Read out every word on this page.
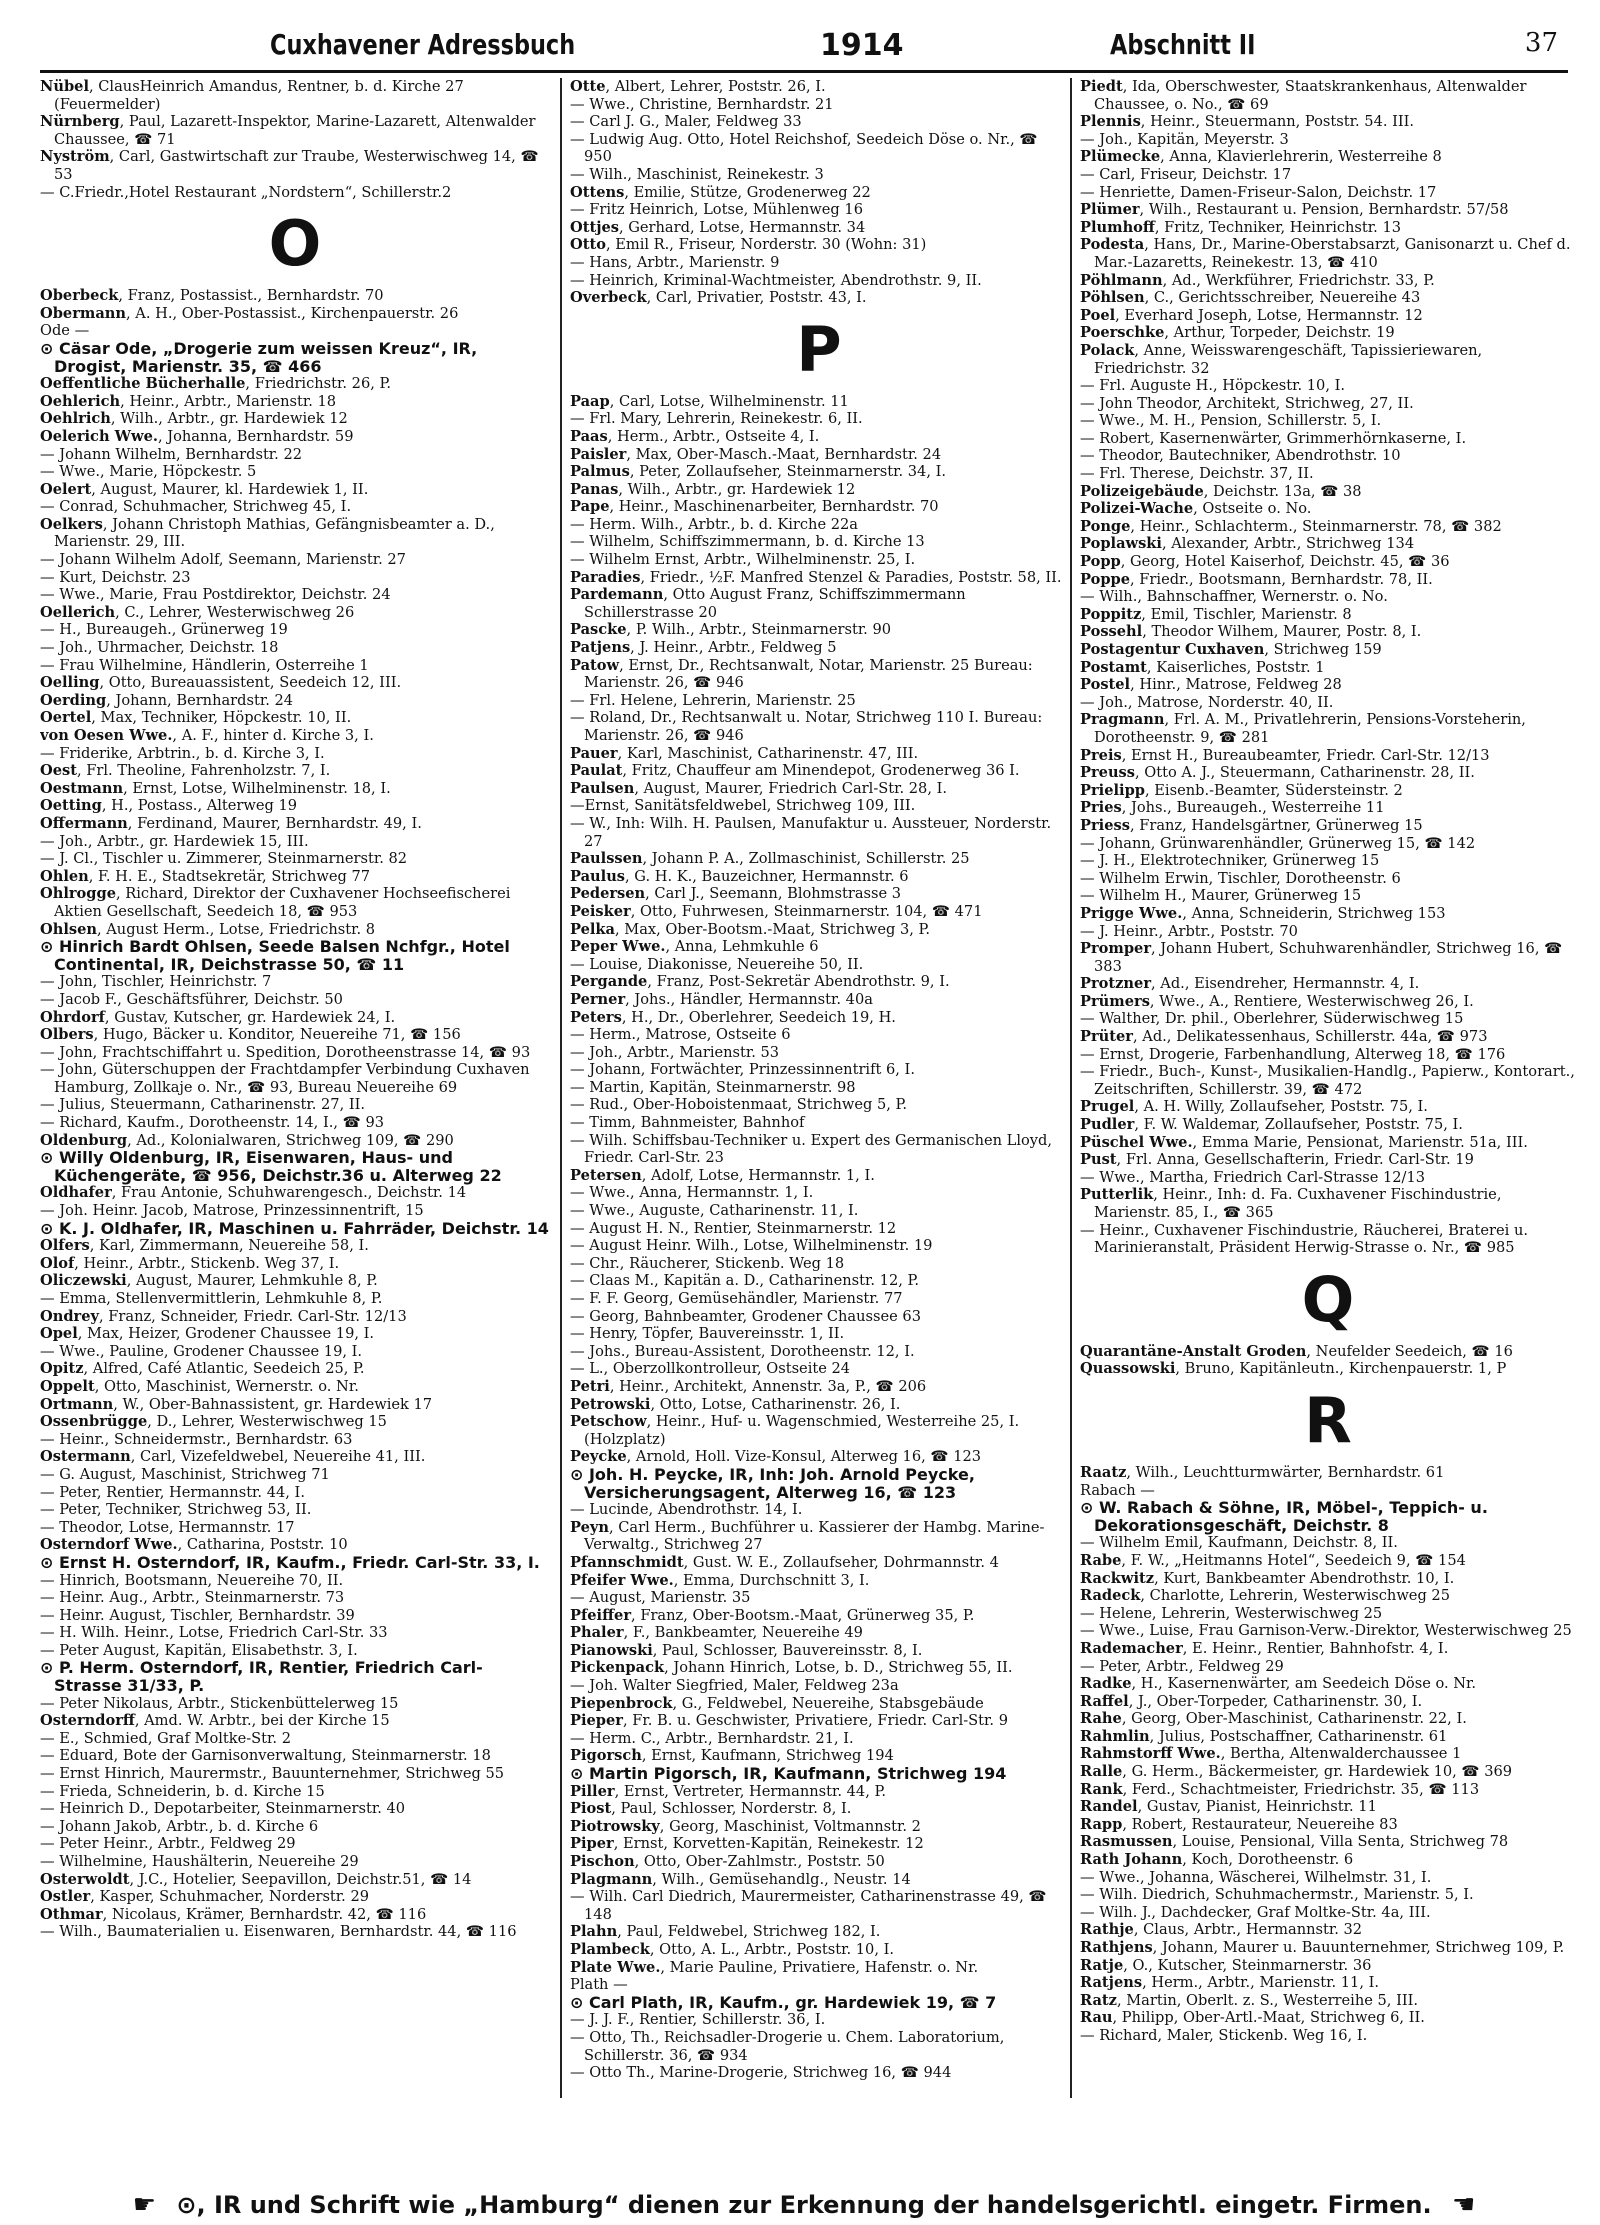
Cuxhavener Adressbuch	1914	Abschnitt II	37
Nübel, ClausHeinrich Amandus, Rentner, b. d. Kirche 27 (Feuermelder)
Nürnberg, Paul, Lazarett-Inspektor, Marine-Lazarett, Altenwalder Chaussee, ☎ 71
Nyström, Carl, Gastwirtschaft zur Traube, Westerwischweg 14, ☎ 53
— C.Friedr.,Hotel Restaurant „Nordstern“, Schillerstr.2
O
Oberbeck, Franz, Postassist., Bernhardstr. 70
Obermann, A. H., Ober-Postassist., Kirchenpauerstr. 26
Ode —
⊙ Cäsar Ode, „Drogerie zum weissen Kreuz“, IR, Drogist, Marienstr. 35, ☎ 466
Oeffentliche Bücherhalle, Friedrichstr. 26, P.
Oehlerich, Heinr., Arbtr., Marienstr. 18
Oehlrich, Wilh., Arbtr., gr. Hardewiek 12
Oelerich Wwe., Johanna, Bernhardstr. 59
— Johann Wilhelm, Bernhardstr. 22
— Wwe., Marie, Höpckestr. 5
Oelert, August, Maurer, kl. Hardewiek 1, II.
— Conrad, Schuhmacher, Strichweg 45, I.
Oelkers, Johann Christoph Mathias, Gefängnisbeamter a. D., Marienstr. 29, III.
— Johann Wilhelm Adolf, Seemann, Marienstr. 27
— Kurt, Deichstr. 23
— Wwe., Marie, Frau Postdirektor, Deichstr. 24
Oellerich, C., Lehrer, Westerwischweg 26
— H., Bureaugeh., Grünerweg 19
— Joh., Uhrmacher, Deichstr. 18
— Frau Wilhelmine, Händlerin, Osterreihe 1
Oelling, Otto, Bureauassistent, Seedeich 12, III.
Oerding, Johann, Bernhardstr. 24
Oertel, Max, Techniker, Höpckestr. 10, II.
von Oesen Wwe., A. F., hinter d. Kirche 3, I.
— Friderike, Arbtrin., b. d. Kirche 3, I.
Oest, Frl. Theoline, Fahrenholzstr. 7, I.
Oestmann, Ernst, Lotse, Wilhelminenstr. 18, I.
Oetting, H., Postass., Alterweg 19
Offermann, Ferdinand, Maurer, Bernhardstr. 49, I.
— Joh., Arbtr., gr. Hardewiek 15, III.
— J. Cl., Tischler u. Zimmerer, Steinmarnerstr. 82
Ohlen, F. H. E., Stadtsekretär, Strichweg 77
Ohlrogge, Richard, Direktor der Cuxhavener Hochseefischerei Aktien Gesellschaft, Seedeich 18, ☎ 953
Ohlsen, August Herm., Lotse, Friedrichstr. 8
⊙ Hinrich Bardt Ohlsen, Seede Balsen Nchfgr., Hotel Continental, IR, Deichstrasse 50, ☎ 11
— John, Tischler, Heinrichstr. 7
— Jacob F., Geschäftsführer, Deichstr. 50
Ohrdorf, Gustav, Kutscher, gr. Hardewiek 24, I.
Olbers, Hugo, Bäcker u. Konditor, Neuereihe 71, ☎ 156
— John, Frachtschiffahrt u. Spedition, Dorotheenstrasse 14, ☎ 93
— John, Güterschuppen der Frachtdampfer Verbindung Cuxhaven Hamburg, Zollkaje o. Nr., ☎ 93, Bureau Neuereihe 69
— Julius, Steuermann, Catharinenstr. 27, II.
— Richard, Kaufm., Dorotheenstr. 14, I., ☎ 93
Oldenburg, Ad., Kolonialwaren, Strichweg 109, ☎ 290
⊙ Willy Oldenburg, IR, Eisenwaren, Haus- und Küchengeräte, ☎ 956, Deichstr.36 u. Alterweg 22
Oldhafer, Frau Antonie, Schuhwarengesch., Deichstr. 14
— Joh. Heinr. Jacob, Matrose, Prinzessinnentrift, 15
⊙ K. J. Oldhafer, IR, Maschinen u. Fahrräder, Deichstr. 14
Olfers, Karl, Zimmermann, Neuereihe 58, I.
Olof, Heinr., Arbtr., Stickenb. Weg 37, I.
Oliczewski, August, Maurer, Lehmkuhle 8, P.
— Emma, Stellenvermittlerin, Lehmkuhle 8, P.
Ondrey, Franz, Schneider, Friedr. Carl-Str. 12/13
Opel, Max, Heizer, Grodener Chaussee 19, I.
— Wwe., Pauline, Grodener Chaussee 19, I.
Opitz, Alfred, Café Atlantic, Seedeich 25, P.
Oppelt, Otto, Maschinist, Wernerstr. o. Nr.
Ortmann, W., Ober-Bahnassistent, gr. Hardewiek 17
Ossenbrügge, D., Lehrer, Westerwischweg 15
— Heinr., Schneidermstr., Bernhardstr. 63
Ostermann, Carl, Vizefeldwebel, Neuereihe 41, III.
— G. August, Maschinist, Strichweg 71
— Peter, Rentier, Hermannstr. 44, I.
— Peter, Techniker, Strichweg 53, II.
— Theodor, Lotse, Hermannstr. 17
Osterndorf Wwe., Catharina, Poststr. 10
⊙ Ernst H. Osterndorf, IR, Kaufm., Friedr. Carl-Str. 33, I.
— Hinrich, Bootsmann, Neuereihe 70, II.
— Heinr. Aug., Arbtr., Steinmarnerstr. 73
— Heinr. August, Tischler, Bernhardstr. 39
— H. Wilh. Heinr., Lotse, Friedrich Carl-Str. 33
— Peter August, Kapitän, Elisabethstr. 3, I.
⊙ P. Herm. Osterndorf, IR, Rentier, Friedrich Carl-Strasse 31/33, P.
— Peter Nikolaus, Arbtr., Stickenbüttelerweg 15
Osterndorff, Amd. W. Arbtr., bei der Kirche 15
— E., Schmied, Graf Moltke-Str. 2
— Eduard, Bote der Garnisonverwaltung, Steinmarnerstr. 18
— Ernst Hinrich, Maurermstr., Bauunternehmer, Strichweg 55
— Frieda, Schneiderin, b. d. Kirche 15
— Heinrich D., Depotarbeiter, Steinmarnerstr. 40
— Johann Jakob, Arbtr., b. d. Kirche 6
— Peter Heinr., Arbtr., Feldweg 29
— Wilhelmine, Haushälterin, Neuereihe 29
Osterwoldt, J.C., Hotelier, Seepavillon, Deichstr.51, ☎ 14
Ostler, Kasper, Schuhmacher, Norderstr. 29
Othmar, Nicolaus, Krämer, Bernhardstr. 42, ☎ 116
— Wilh., Baumaterialien u. Eisenwaren, Bernhardstr. 44, ☎ 116
Otte, Albert, Lehrer, Poststr. 26, I.
— Wwe., Christine, Bernhardstr. 21
— Carl J. G., Maler, Feldweg 33
— Ludwig Aug. Otto, Hotel Reichshof, Seedeich Döse o. Nr., ☎ 950
— Wilh., Maschinist, Reinekestr. 3
Ottens, Emilie, Stütze, Grodenerweg 22
— Fritz Heinrich, Lotse, Mühlenweg 16
Ottjes, Gerhard, Lotse, Hermannstr. 34
Otto, Emil R., Friseur, Norderstr. 30 (Wohn: 31)
— Hans, Arbtr., Marienstr. 9
— Heinrich, Kriminal-Wachtmeister, Abendrothstr. 9, II.
Overbeck, Carl, Privatier, Poststr. 43, I.
P
Paap, Carl, Lotse, Wilhelminenstr. 11
— Frl. Mary, Lehrerin, Reinekestr. 6, II.
Paas, Herm., Arbtr., Ostseite 4, I.
Paisler, Max, Ober-Masch.-Maat, Bernhardstr. 24
Palmus, Peter, Zollaufseher, Steinmarnerstr. 34, I.
Panas, Wilh., Arbtr., gr. Hardewiek 12
Pape, Heinr., Maschinenarbeiter, Bernhardstr. 70
— Herm. Wilh., Arbtr., b. d. Kirche 22a
— Wilhelm, Schiffszimmermann, b. d. Kirche 13
— Wilhelm Ernst, Arbtr., Wilhelminenstr. 25, I.
Paradies, Friedr., ½F. Manfred Stenzel & Paradies, Poststr. 58, II.
Pardemann, Otto August Franz, Schiffszimmermann Schillerstrasse 20
Pascke, P. Wilh., Arbtr., Steinmarnerstr. 90
Patjens, J. Heinr., Arbtr., Feldweg 5
Patow, Ernst, Dr., Rechtsanwalt, Notar, Marienstr. 25 Bureau: Marienstr. 26, ☎ 946
— Frl. Helene, Lehrerin, Marienstr. 25
— Roland, Dr., Rechtsanwalt u. Notar, Strichweg 110 I. Bureau: Marienstr. 26, ☎ 946
Pauer, Karl, Maschinist, Catharinenstr. 47, III.
Paulat, Fritz, Chauffeur am Minendepot, Grodenerweg 36 I.
Paulsen, August, Maurer, Friedrich Carl-Str. 28, I.
—Ernst, Sanitätsfeldwebel, Strichweg 109, III.
— W., Inh: Wilh. H. Paulsen, Manufaktur u. Aussteuer, Norderstr. 27
Paulssen, Johann P. A., Zollmaschinist, Schillerstr. 25
Paulus, G. H. K., Bauzeichner, Hermannstr. 6
Pedersen, Carl J., Seemann, Blohmstrasse 3
Peisker, Otto, Fuhrwesen, Steinmarnerstr. 104, ☎ 471
Pelka, Max, Ober-Bootsm.-Maat, Strichweg 3, P.
Peper Wwe., Anna, Lehmkuhle 6
— Louise, Diakonisse, Neuereihe 50, II.
Pergande, Franz, Post-Sekretär Abendrothstr. 9, I.
Perner, Johs., Händler, Hermannstr. 40a
Peters, H., Dr., Oberlehrer, Seedeich 19, H.
— Herm., Matrose, Ostseite 6
— Joh., Arbtr., Marienstr. 53
— Johann, Fortwächter, Prinzessinnentrift 6, I.
— Martin, Kapitän, Steinmarnerstr. 98
— Rud., Ober-Hoboistenmaat, Strichweg 5, P.
— Timm, Bahnmeister, Bahnhof
— Wilh. Schiffsbau-Techniker u. Expert des Germanischen Lloyd, Friedr. Carl-Str. 23
Petersen, Adolf, Lotse, Hermannstr. 1, I.
— Wwe., Anna, Hermannstr. 1, I.
— Wwe., Auguste, Catharinenstr. 11, I.
— August H. N., Rentier, Steinmarnerstr. 12
— August Heinr. Wilh., Lotse, Wilhelminenstr. 19
— Chr., Räucherer, Stickenb. Weg 18
— Claas M., Kapitän a. D., Catharinenstr. 12, P.
— F. F. Georg, Gemüsehändler, Marienstr. 77
— Georg, Bahnbeamter, Grodener Chaussee 63
— Henry, Töpfer, Bauvereinsstr. 1, II.
— Johs., Bureau-Assistent, Dorotheenstr. 12, I.
— L., Oberzollkontrolleur, Ostseite 24
Petri, Heinr., Architekt, Annenstr. 3a, P., ☎ 206
Petrowski, Otto, Lotse, Catharinenstr. 26, I.
Petschow, Heinr., Huf- u. Wagenschmied, Westerreihe 25, I. (Holzplatz)
Peycke, Arnold, Holl. Vize-Konsul, Alterweg 16, ☎ 123
⊙ Joh. H. Peycke, IR, Inh: Joh. Arnold Peycke, Versicherungsagent, Alterweg 16, ☎ 123
— Lucinde, Abendrothstr. 14, I.
Peyn, Carl Herm., Buchführer u. Kassierer der Hambg. Marine-Verwaltg., Strichweg 27
Pfannschmidt, Gust. W. E., Zollaufseher, Dohrmannstr. 4
Pfeifer Wwe., Emma, Durchschnitt 3, I.
— August, Marienstr. 35
Pfeiffer, Franz, Ober-Bootsm.-Maat, Grünerweg 35, P.
Phaler, F., Bankbeamter, Neuereihe 49
Pianowski, Paul, Schlosser, Bauvereinsstr. 8, I.
Pickenpack, Johann Hinrich, Lotse, b. D., Strichweg 55, II.
— Joh. Walter Siegfried, Maler, Feldweg 23a
Piepenbrock, G., Feldwebel, Neuereihe, Stabsgebäude
Pieper, Fr. B. u. Geschwister, Privatiere, Friedr. Carl-Str. 9
— Herm. C., Arbtr., Bernhardstr. 21, I.
Pigorsch, Ernst, Kaufmann, Strichweg 194
⊙ Martin Pigorsch, IR, Kaufmann, Strichweg 194
Piller, Ernst, Vertreter, Hermannstr. 44, P.
Piost, Paul, Schlosser, Norderstr. 8, I.
Piotrowsky, Georg, Maschinist, Voltmannstr. 2
Piper, Ernst, Korvetten-Kapitän, Reinekestr. 12
Pischon, Otto, Ober-Zahlmstr., Poststr. 50
Plagmann, Wilh., Gemüsehandlg., Neustr. 14
— Wilh. Carl Diedrich, Maurermeister, Catharinenstrasse 49, ☎ 148
Plahn, Paul, Feldwebel, Strichweg 182, I.
Plambeck, Otto, A. L., Arbtr., Poststr. 10, I.
Plate Wwe., Marie Pauline, Privatiere, Hafenstr. o. Nr.
Plath —
⊙ Carl Plath, IR, Kaufm., gr. Hardewiek 19, ☎ 7
— J. J. F., Rentier, Schillerstr. 36, I.
— Otto, Th., Reichsadler-Drogerie u. Chem. Laboratorium, Schillerstr. 36, ☎ 934
— Otto Th., Marine-Drogerie, Strichweg 16, ☎ 944
Piedt, Ida, Oberschwester, Staatskrankenhaus, Altenwalder Chaussee, o. No., ☎ 69
Plennis, Heinr., Steuermann, Poststr. 54. III.
— Joh., Kapitän, Meyerstr. 3
Plümecke, Anna, Klavierlehrerin, Westerreihe 8
— Carl, Friseur, Deichstr. 17
— Henriette, Damen-Friseur-Salon, Deichstr. 17
Plümer, Wilh., Restaurant u. Pension, Bernhardstr. 57/58
Plumhoff, Fritz, Techniker, Heinrichstr. 13
Podesta, Hans, Dr., Marine-Oberstabsarzt, Ganisonarzt u. Chef d. Mar.-Lazaretts, Reinekestr. 13, ☎ 410
Pöhlmann, Ad., Werkführer, Friedrichstr. 33, P.
Pöhlsen, C., Gerichtsschreiber, Neuereihe 43
Poel, Everhard Joseph, Lotse, Hermannstr. 12
Poerschke, Arthur, Torpeder, Deichstr. 19
Polack, Anne, Weisswarengeschäft, Tapissieriewaren, Friedrichstr. 32
— Frl. Auguste H., Höpckestr. 10, I.
— John Theodor, Architekt, Strichweg, 27, II.
— Wwe., M. H., Pension, Schillerstr. 5, I.
— Robert, Kasernenwärter, Grimmerhörnkaserne, I.
— Theodor, Bautechniker, Abendrothstr. 10
— Frl. Therese, Deichstr. 37, II.
Polizeigebäude, Deichstr. 13a, ☎ 38
Polizei-Wache, Ostseite o. No.
Ponge, Heinr., Schlachterm., Steinmarnerstr. 78, ☎ 382
Poplawski, Alexander, Arbtr., Strichweg 134
Popp, Georg, Hotel Kaiserhof, Deichstr. 45, ☎ 36
Poppe, Friedr., Bootsmann, Bernhardstr. 78, II.
— Wilh., Bahnschaffner, Wernerstr. o. No.
Poppitz, Emil, Tischler, Marienstr. 8
Possehl, Theodor Wilhem, Maurer, Postr. 8, I.
Postagentur Cuxhaven, Strichweg 159
Postamt, Kaiserliches, Poststr. 1
Postel, Hinr., Matrose, Feldweg 28
— Joh., Matrose, Norderstr. 40, II.
Pragmann, Frl. A. M., Privatlehrerin, Pensions-Vorsteherin, Dorotheenstr. 9, ☎ 281
Preis, Ernst H., Bureaubeamter, Friedr. Carl-Str. 12/13
Preuss, Otto A. J., Steuermann, Catharinenstr. 28, II.
Prielipp, Eisenb.-Beamter, Südersteinstr. 2
Pries, Johs., Bureaugeh., Westerreihe 11
Priess, Franz, Handelsgärtner, Grünerweg 15
— Johann, Grünwarenhändler, Grünerweg 15, ☎ 142
— J. H., Elektrotechniker, Grünerweg 15
— Wilhelm Erwin, Tischler, Dorotheenstr. 6
— Wilhelm H., Maurer, Grünerweg 15
Prigge Wwe., Anna, Schneiderin, Strichweg 153
— J. Heinr., Arbtr., Poststr. 70
Promper, Johann Hubert, Schuhwarenhändler, Strichweg 16, ☎ 383
Protzner, Ad., Eisendreher, Hermannstr. 4, I.
Prümers, Wwe., A., Rentiere, Westerwischweg 26, I.
— Walther, Dr. phil., Oberlehrer, Süderwischweg 15
Prüter, Ad., Delikatessenhaus, Schillerstr. 44a, ☎ 973
— Ernst, Drogerie, Farbenhandlung, Alterweg 18, ☎ 176
— Friedr., Buch-, Kunst-, Musikalien-Handlg., Papierw., Kontorart., Zeitschriften, Schillerstr. 39, ☎ 472
Prugel, A. H. Willy, Zollaufseher, Poststr. 75, I.
Pudler, F. W. Waldemar, Zollaufseher, Poststr. 75, I.
Püschel Wwe., Emma Marie, Pensionat, Marienstr. 51a, III.
Pust, Frl. Anna, Gesellschafterin, Friedr. Carl-Str. 19
— Wwe., Martha, Friedrich Carl-Strasse 12/13
Putterlik, Heinr., Inh: d. Fa. Cuxhavener Fischindustrie, Marienstr. 85, I., ☎ 365
— Heinr., Cuxhavener Fischindustrie, Räucherei, Braterei u. Marinieranstalt, Präsident Herwig-Strasse o. Nr., ☎ 985
Q
Quarantäne-Anstalt Groden, Neufelder Seedeich, ☎ 16
Quassowski, Bruno, Kapitänleutn., Kirchenpauerstr. 1, P
R
Raatz, Wilh., Leuchtturmwärter, Bernhardstr. 61
Rabach —
⊙ W. Rabach & Söhne, IR, Möbel-, Teppich- u. Dekorationsgeschäft, Deichstr. 8
— Wilhelm Emil, Kaufmann, Deichstr. 8, II.
Rabe, F. W., „Heitmanns Hotel“, Seedeich 9, ☎ 154
Rackwitz, Kurt, Bankbeamter Abendrothstr. 10, I.
Radeck, Charlotte, Lehrerin, Westerwischweg 25
— Helene, Lehrerin, Westerwischweg 25
— Wwe., Luise, Frau Garnison-Verw.-Direktor, Westerwischweg 25
Rademacher, E. Heinr., Rentier, Bahnhofstr. 4, I.
— Peter, Arbtr., Feldweg 29
Radke, H., Kasernenwärter, am Seedeich Döse o. Nr.
Raffel, J., Ober-Torpeder, Catharinenstr. 30, I.
Rahe, Georg, Ober-Maschinist, Catharinenstr. 22, I.
Rahmlin, Julius, Postschaffner, Catharinenstr. 61
Rahmstorff Wwe., Bertha, Altenwalderchaussee 1
Ralle, G. Herm., Bäckermeister, gr. Hardewiek 10, ☎ 369
Rank, Ferd., Schachtmeister, Friedrichstr. 35, ☎ 113
Randel, Gustav, Pianist, Heinrichstr. 11
Rapp, Robert, Restaurateur, Neuereihe 83
Rasmussen, Louise, Pensional, Villa Senta, Strichweg 78
Rath Johann, Koch, Dorotheenstr. 6
— Wwe., Johanna, Wäscherei, Wilhelmstr. 31, I.
— Wilh. Diedrich, Schuhmachermstr., Marienstr. 5, I.
— Wilh. J., Dachdecker, Graf Moltke-Str. 4a, III.
Rathje, Claus, Arbtr., Hermannstr. 32
Rathjens, Johann, Maurer u. Bauunternehmer, Strichweg 109, P.
Ratje, O., Kutscher, Steinmarnerstr. 36
Ratjens, Herm., Arbtr., Marienstr. 11, I.
Ratz, Martin, Oberlt. z. S., Westerreihe 5, III.
Rau, Philipp, Ober-Artl.-Maat, Strichweg 6, II.
— Richard, Maler, Stickenb. Weg 16, I.
☛ ⊙, IR und Schrift wie „Hamburg“ dienen zur Erkennung der handelsgerichtl. eingetr. Firmen. ☚
